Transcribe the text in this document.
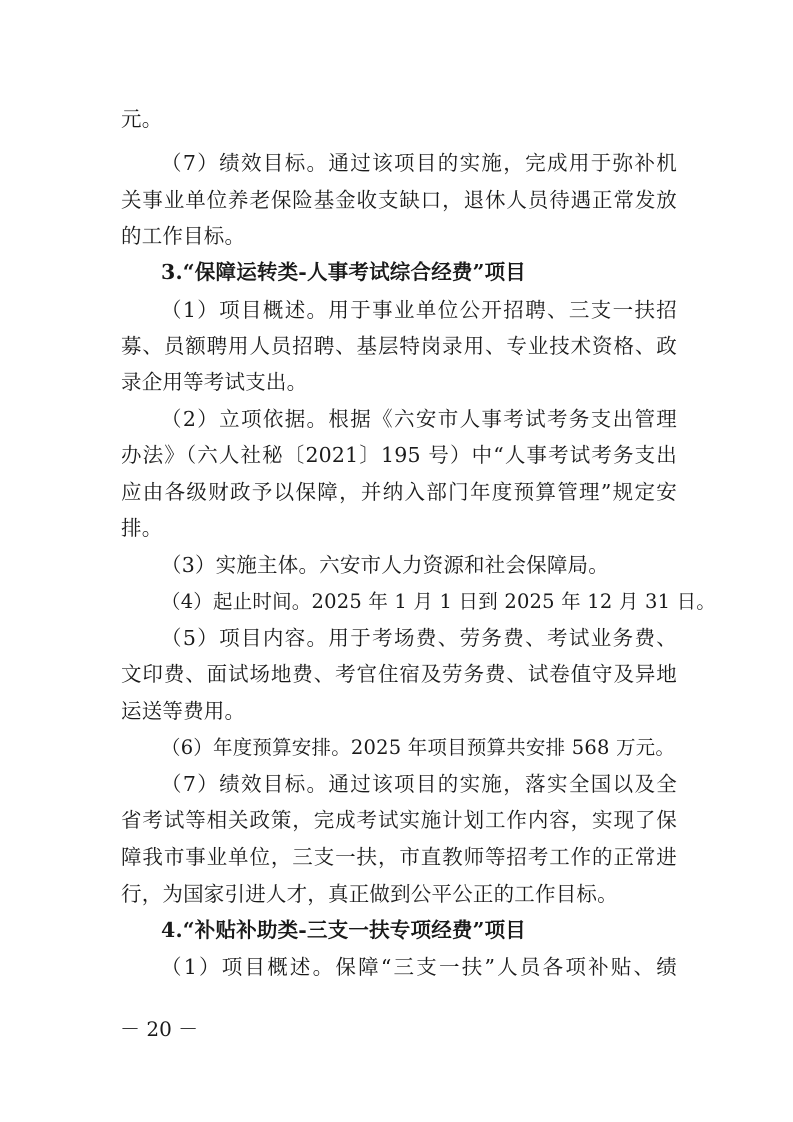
元。
（7）绩效目标。通过该项目的实施，完成用于弥补机
关事业单位养老保险基金收支缺口，退休人员待遇正常发放
的工作目标。
3.“保障运转类-人事考试综合经费”项目
（1）项目概述。用于事业单位公开招聘、三支一扶招
募、员额聘用人员招聘、基层特岗录用、专业技术资格、政
录企用等考试支出。
（2）立项依据。根据《六安市人事考试考务支出管理
办法》（六人社秘〔2021〕195 号）中“人事考试考务支出
应由各级财政予以保障，并纳入部门年度预算管理”规定安
排。
（3）实施主体。六安市人力资源和社会保障局。
（4）起止时间。2025 年 1 月 1 日到 2025 年 12 月 31 日。
（5）项目内容。用于考场费、劳务费、考试业务费、
文印费、面试场地费、考官住宿及劳务费、试卷值守及异地
运送等费用。
（6）年度预算安排。2025 年项目预算共安排 568 万元。
（7）绩效目标。通过该项目的实施，落实全国以及全
省考试等相关政策，完成考试实施计划工作内容，实现了保
障我市事业单位，三支一扶，市直教师等招考工作的正常进
行，为国家引进人才，真正做到公平公正的工作目标。
4.“补贴补助类-三支一扶专项经费”项目
（1）项目概述。保障“三支一扶”人员各项补贴、绩
－ 20 －
